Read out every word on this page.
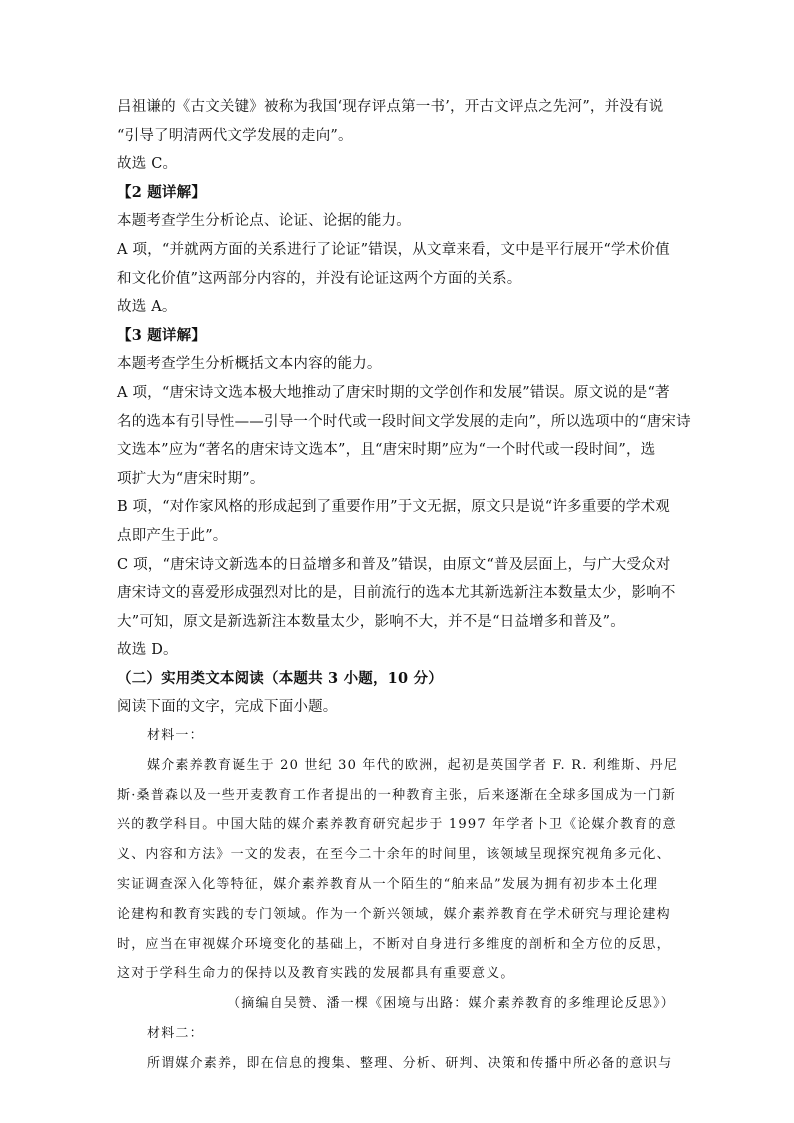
吕祖谦的《古文关键》被称为我国‘现存评点第一书’，开古文评点之先河”，并没有说
“引导了明清两代文学发展的走向”。
故选 C。
【2 题详解】
本题考查学生分析论点、论证、论据的能力。
A 项，“并就两方面的关系进行了论证”错误，从文章来看，文中是平行展开“学术价值
和文化价值”这两部分内容的，并没有论证这两个方面的关系。
故选 A。
【3 题详解】
本题考查学生分析概括文本内容的能力。
A 项，“唐宋诗文选本极大地推动了唐宋时期的文学创作和发展”错误。原文说的是“著
名的选本有引导性——引导一个时代或一段时间文学发展的走向”，所以选项中的“唐宋诗
文选本”应为“著名的唐宋诗文选本”，且“唐宋时期”应为“一个时代或一段时间”，选
项扩大为“唐宋时期”。
B 项，“对作家风格的形成起到了重要作用”于文无据，原文只是说“许多重要的学术观
点即产生于此”。
C 项，“唐宋诗文新选本的日益增多和普及”错误，由原文“普及层面上，与广大受众对
唐宋诗文的喜爱形成强烈对比的是，目前流行的选本尤其新选新注本数量太少，影响不
大”可知，原文是新选新注本数量太少，影响不大，并不是“日益增多和普及”。
故选 D。
（二）实用类文本阅读（本题共 3 小题，10 分）
阅读下面的文字，完成下面小题。
材料一：
媒介素养教育诞生于 20 世纪 30 年代的欧洲，起初是英国学者 F. R. 利维斯、丹尼
斯·桑普森以及一些开麦教育工作者提出的一种教育主张，后来逐渐在全球多国成为一门新
兴的教学科目。中国大陆的媒介素养教育研究起步于 1997 年学者卜卫《论媒介教育的意
义、内容和方法》一文的发表，在至今二十余年的时间里，该领域呈现探究视角多元化、
实证调查深入化等特征，媒介素养教育从一个陌生的“舶来品”发展为拥有初步本土化理
论建构和教育实践的专门领域。作为一个新兴领域，媒介素养教育在学术研究与理论建构
时，应当在审视媒介环境变化的基础上，不断对自身进行多维度的剖析和全方位的反思，
这对于学科生命力的保持以及教育实践的发展都具有重要意义。
（摘编自吴赞、潘一棵《困境与出路：媒介素养教育的多维理论反思》）
材料二：
所谓媒介素养，即在信息的搜集、整理、分析、研判、决策和传播中所必备的意识与
